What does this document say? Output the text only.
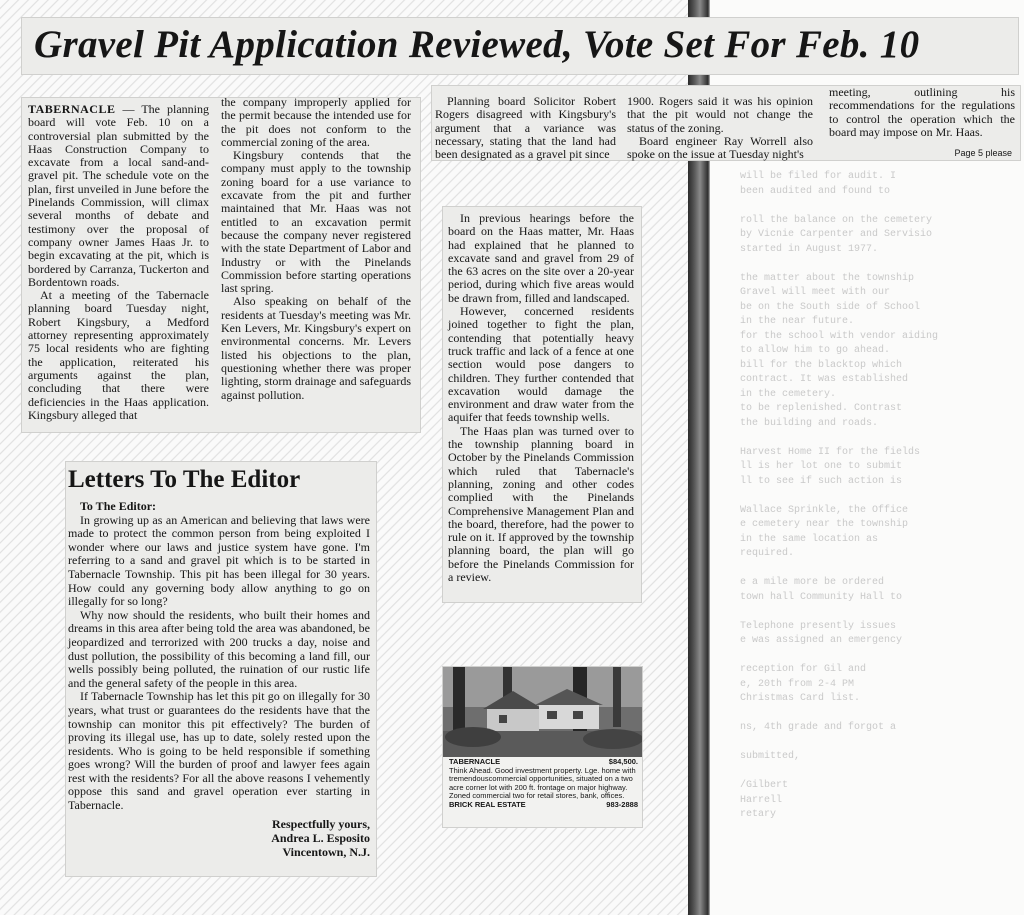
will be filed for audit. I
been audited and found to

roll the balance on the cemetery
by Vicnie Carpenter and Servisio
started in August 1977.

the matter about the township
Gravel will meet with our
be on the South side of School
in the near future.
for the school with vendor aiding
to allow him to go ahead.
bill for the blacktop which
contract. It was established
in the cemetery.
to be replenished. Contrast
the building and roads.

Harvest Home II for the fields
ll is her lot one to submit
ll to see if such action is

Wallace Sprinkle, the Office
e cemetery near the township
in the same location as
required.

e a mile more be ordered
town hall Community Hall to

Telephone presently issues
e was assigned an emergency

reception for Gil and
e, 20th from 2-4 PM
Christmas Card list.

ns, 4th grade and forgot a

submitted,

/Gilbert
Harrell
retary
Gravel Pit Application Reviewed, Vote Set For Feb. 10

TABERNACLE — The planning board will vote Feb. 10 on a controversial plan submitted by the Haas Construction Company to excavate from a local sand-and-gravel pit. The schedule vote on the plan, first unveiled in June before the Pinelands Commission, will climax several months of debate and testimony over the proposal of company owner James Haas Jr. to begin excavating at the pit, which is bordered by Carranza, Tuckerton and Bordentown roads.

At a meeting of the Tabernacle planning board Tuesday night, Robert Kingsbury, a Medford attorney representing approximately 75 local residents who are fighting the application, reiterated his arguments against the plan, concluding that there were deficiencies in the Haas application. Kingsbury alleged that

the company improperly applied for the permit because the intended use for the pit does not conform to the commercial zoning of the area.

Kingsbury contends that the company must apply to the township zoning board for a use variance to excavate from the pit and further maintained that Mr. Haas was not entitled to an excavation permit because the company never registered with the state Department of Labor and Industry or with the Pinelands Commission before starting operations last spring.

Also speaking on behalf of the residents at Tuesday's meeting was Mr. Ken Levers, Mr. Kingsbury's expert on environmental concerns. Mr. Levers listed his objections to the plan, questioning whether there was proper lighting, storm drainage and safeguards against pollution.

Page 5 please

Planning board Solicitor Robert Rogers disagreed with Kingsbury's argument that a variance was necessary, stating that the land had been designated as a gravel pit since

1900. Rogers said it was his opinion that the pit would not change the status of the zoning.

Board engineer Ray Worrell also spoke on the issue at Tuesday night's

meeting, outlining his recommendations for the regulations to control the operation which the board may impose on Mr. Haas.

In previous hearings before the board on the Haas matter, Mr. Haas had explained that he planned to excavate sand and gravel from 29 of the 63 acres on the site over a 20-year period, during which five areas would be drawn from, filled and landscaped.

However, concerned residents joined together to fight the plan, contending that potentially heavy truck traffic and lack of a fence at one section would pose dangers to children. They further contended that excavation would damage the environment and draw water from the aquifer that feeds township wells.

The Haas plan was turned over to the township planning board in October by the Pinelands Commission which ruled that Tabernacle's planning, zoning and other codes complied with the Pinelands Comprehensive Management Plan and the board, therefore, had the power to rule on it. If approved by the township planning board, the plan will go before the Pinelands Commission for a review.

Letters To The Editor

To The Editor:

In growing up as an American and believing that laws were made to protect the common person from being exploited I wonder where our laws and justice system have gone. I'm referring to a sand and gravel pit which is to be started in Tabernacle Township. This pit has been illegal for 30 years. How could any governing body allow anything to go on illegally for so long?

Why now should the residents, who built their homes and dreams in this area after being told the area was abandoned, be jeopardized and terrorized with 200 trucks a day, noise and dust pollution, the possibility of this becoming a land fill, our wells possibly being polluted, the ruination of our rustic life and the general safety of the people in this area.

If Tabernacle Township has let this pit go on illegally for 30 years, what trust or guarantees do the residents have that the township can monitor this pit effectively? The burden of proving its illegal use, has up to date, solely rested upon the residents. Who is going to be held responsible if something goes wrong? Will the burden of proof and lawyer fees again rest with the residents? For all the above reasons I vehemently oppose this sand and gravel operation ever starting in Tabernacle.

Respectfully yours,
Andrea L. Esposito
Vincentown, N.J.
TABERNACLE	$84,500.
Think Ahead. Good investment property. Lge. home with tremendouscommercial opportunities, situated on a two acre corner lot with 200 ft. frontage on major highway. Zoned commercial two for retail stores, bank, offices.
BRICK REAL ESTATE	983-2888
